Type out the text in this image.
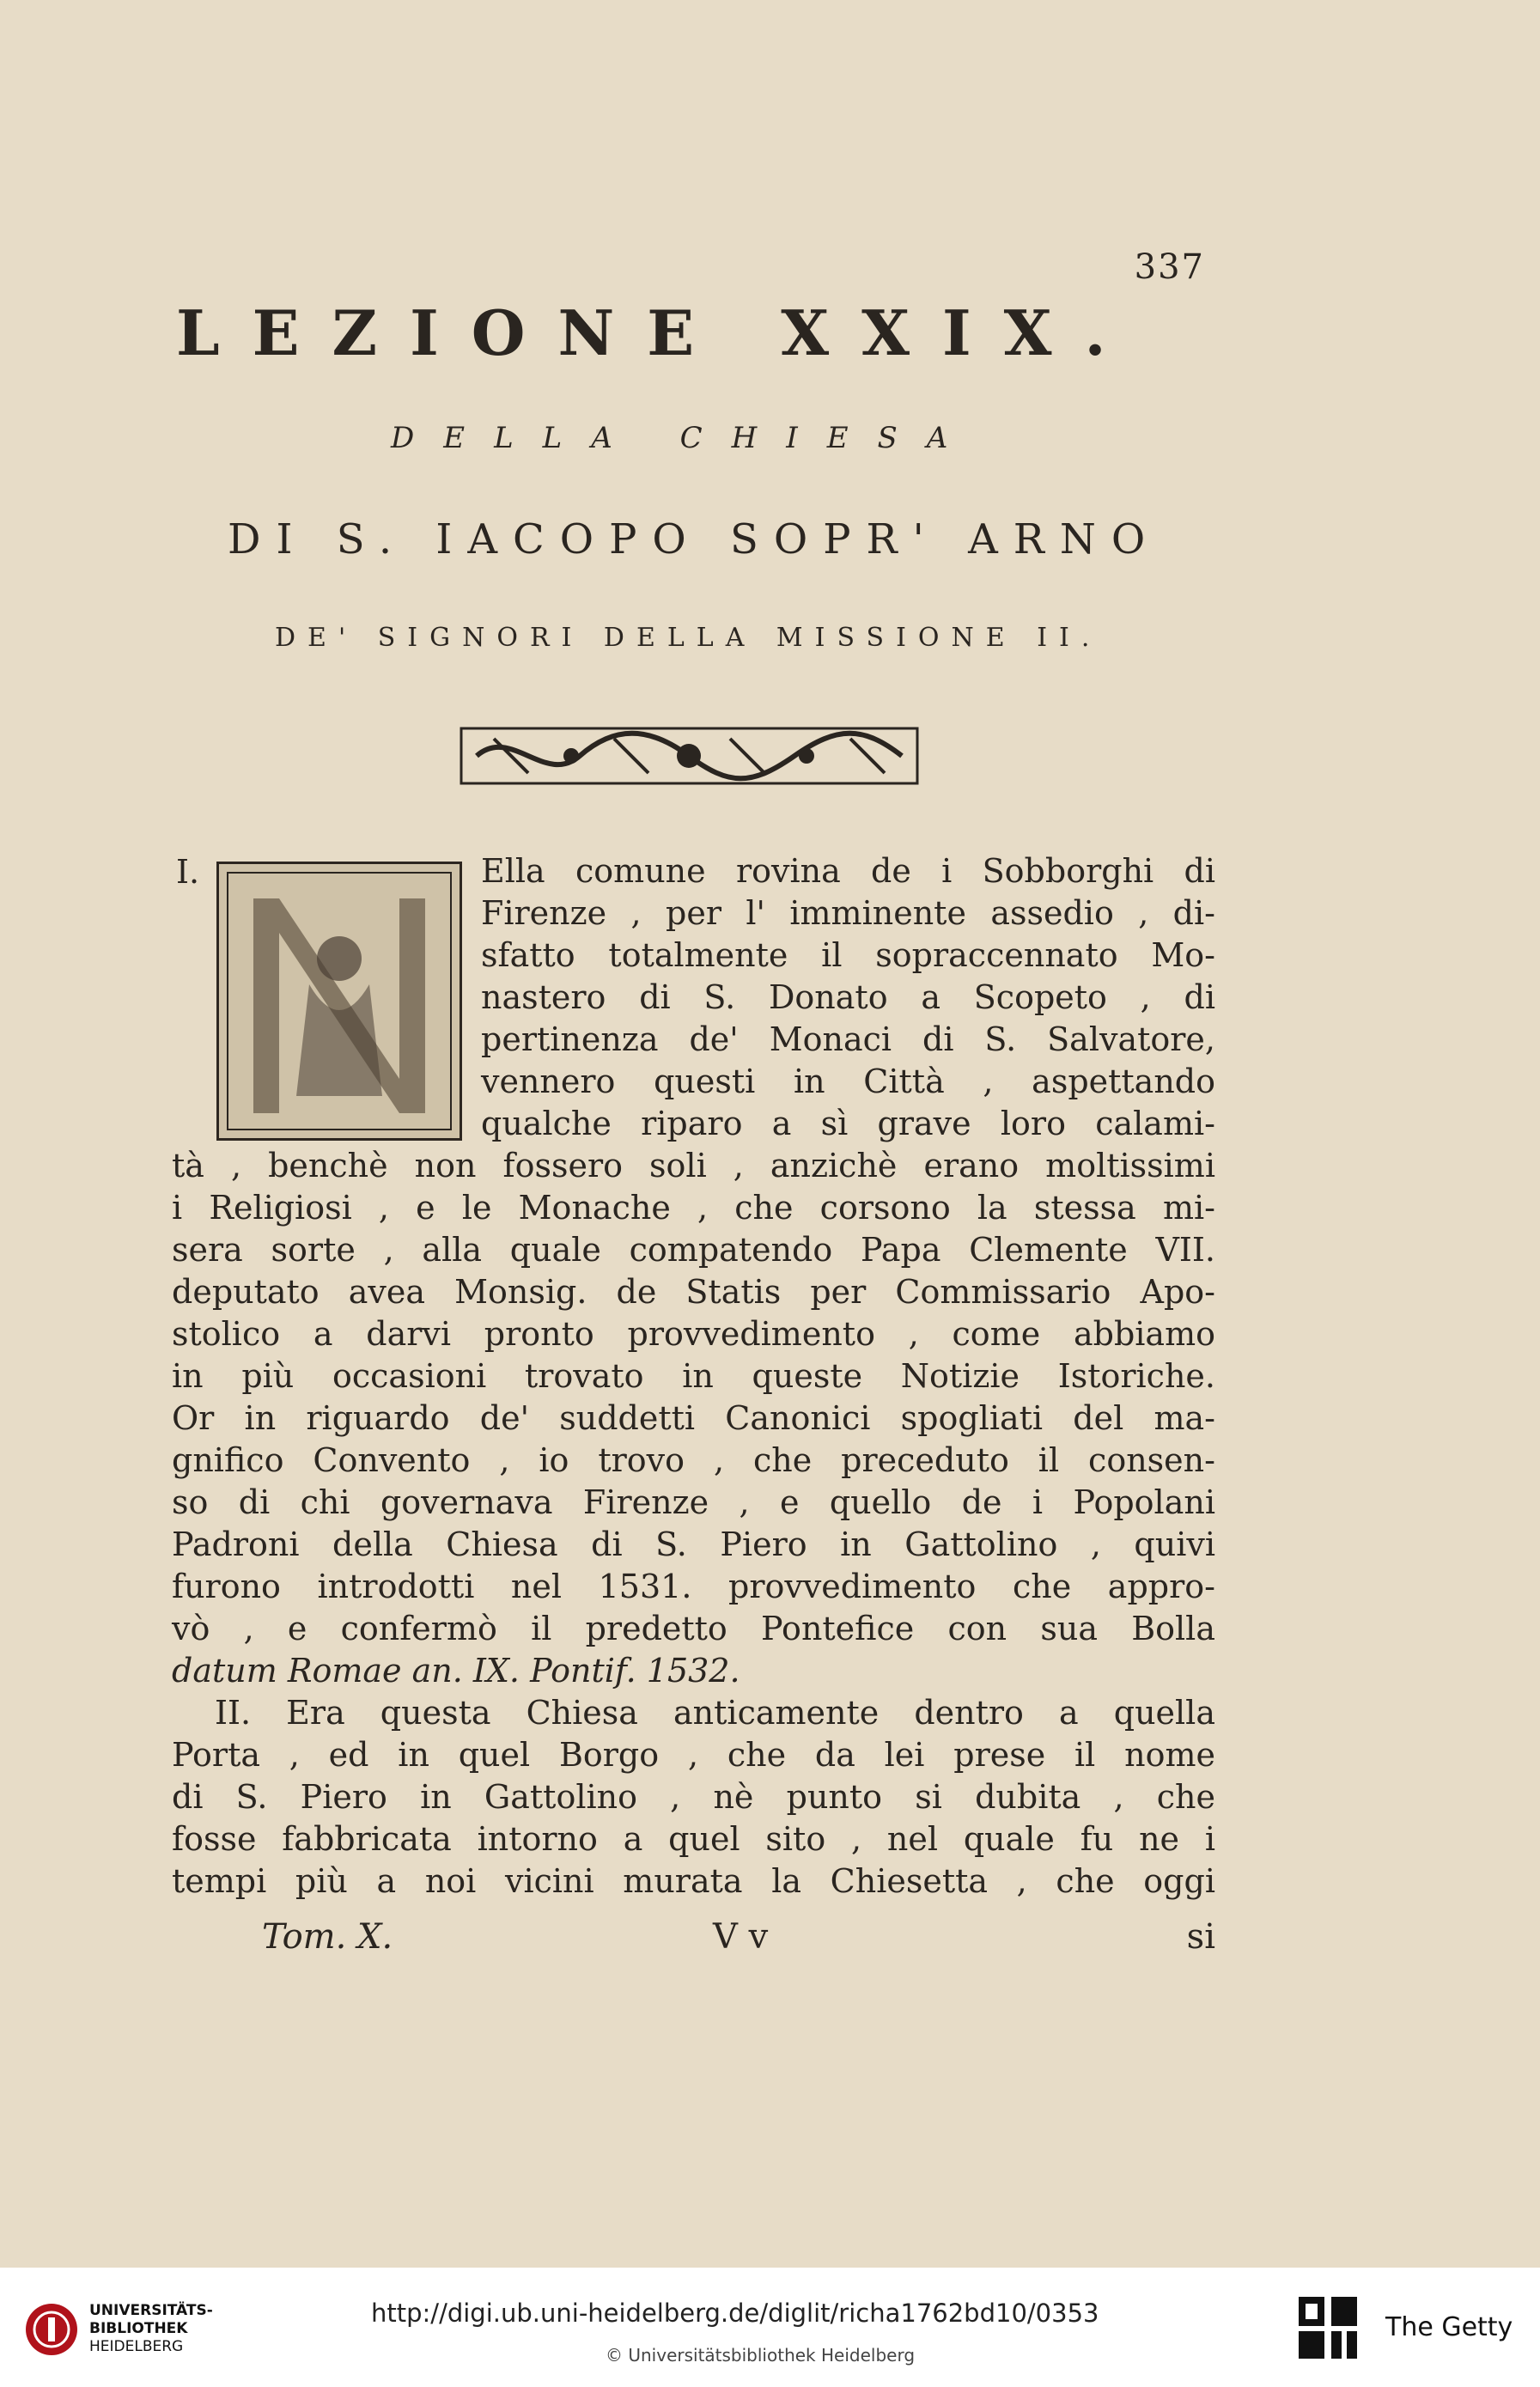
337
LEZIONE XXIX.
DELLA CHIESA
DI S. IACOPO SOPR' ARNO
DE' SIGNORI DELLA MISSIONE II.
I.	Ella comune rovina de i Sobborghi di
Firenze , per l' imminente assedio , di-
sfatto totalmente il sopraccennato Mo-
nastero di S. Donato a Scopeto , di
pertinenza de' Monaci di S. Salvatore,
vennero questi in Città , aspettando
qualche riparo a sì grave loro calami-
tà , benchè non fossero soli , anzichè erano moltissimi
i Religiosi , e le Monache , che corsono la stessa mi-
sera sorte , alla quale compatendo Papa Clemente VII.
deputato avea Monsig. de Statis per Commissario Apo-
stolico a darvi pronto provvedimento , come abbiamo
in più occasioni trovato in queste Notizie Istoriche.
Or in riguardo de' suddetti Canonici spogliati del ma-
gnifico Convento , io trovo , che preceduto il consen-
so di chi governava Firenze , e quello de i Popolani
Padroni della Chiesa di S. Piero in Gattolino , quivi
furono introdotti nel 1531. provvedimento che appro-
vò , e confermò il predetto Pontefice con sua Bolla
datum Romae an. IX. Pontif. 1532.
II. Era questa Chiesa anticamente dentro a quella
Porta , ed in quel Borgo , che da lei prese il nome
di S. Piero in Gattolino , nè punto si dubita , che
fosse fabbricata intorno a quel sito , nel quale fu ne i
tempi più a noi vicini murata la Chiesetta , che oggi
Tom. X.	V v	si
UNIVERSITÄTS-
BIBLIOTHEK
HEIDELBERG
http://digi.ub.uni-heidelberg.de/diglit/richa1762bd10/0353
© Universitätsbibliothek Heidelberg
The Getty
